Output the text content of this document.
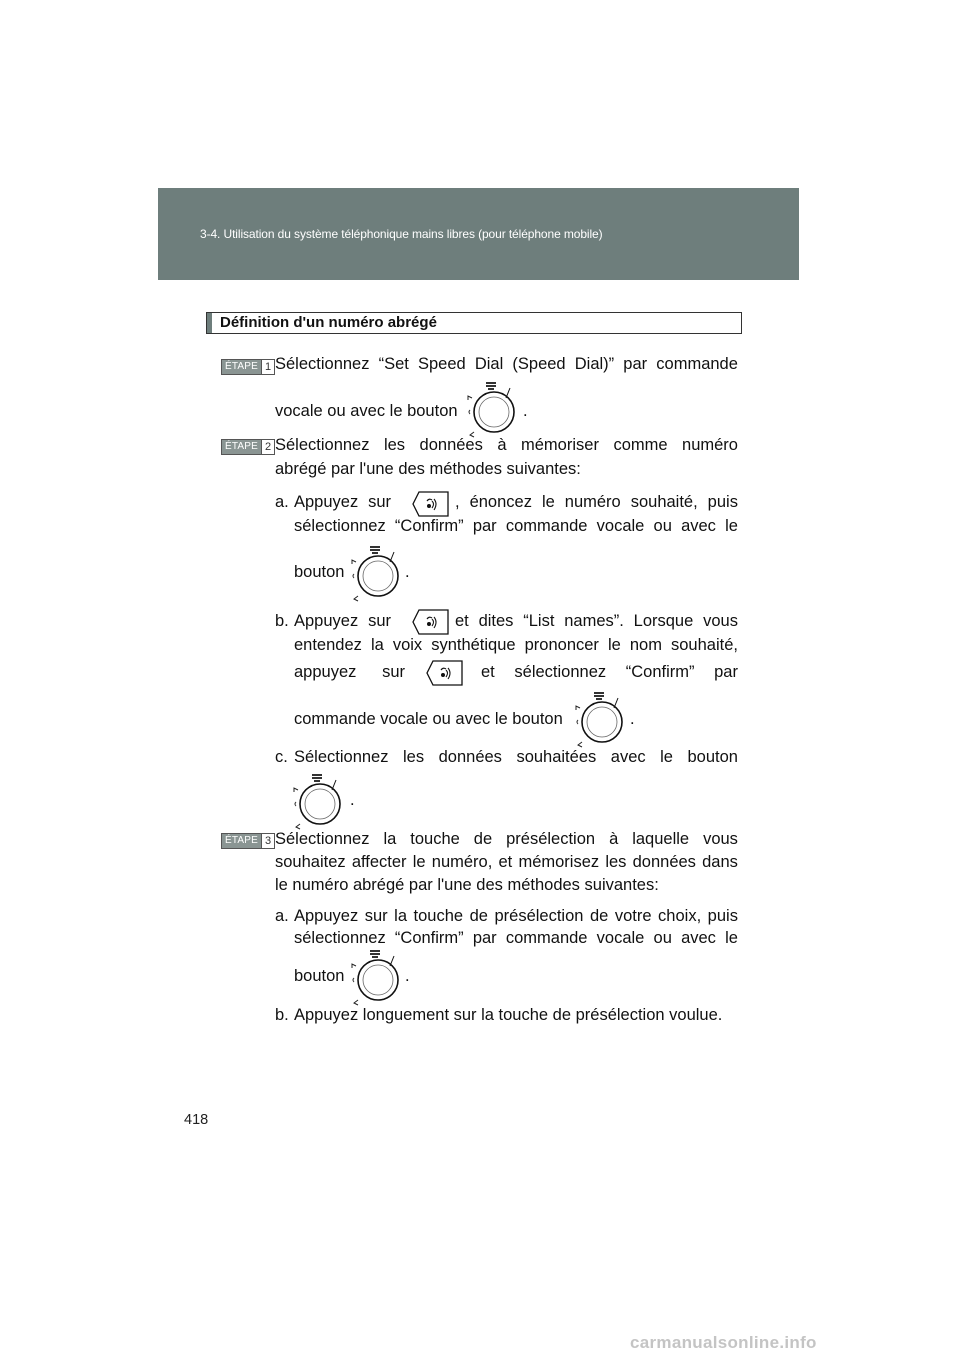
3-4. Utilisation du système téléphonique mains libres (pour téléphone mobile)
Définition d'un numéro abrégé
ÉTAPE 1 Sélectionnez “Set Speed Dial (Speed Dial)” par commande
vocale ou avec le bouton	.
ÉTAPE 2 Sélectionnez les données à mémoriser comme numéro
abrégé par l'une des méthodes suivantes:
a. Appuyez sur	, énoncez le numéro souhaité, puis
sélectionnez “Confirm” par commande vocale ou avec le
bouton	.
b. Appuyez sur	et dites “List names”. Lorsque vous
entendez la voix synthétique prononcer le nom souhaité,
appuyez sur	et sélectionnez “Confirm” par
commande vocale ou avec le bouton	.
c. Sélectionnez les données souhaitées avec le bouton
.
ÉTAPE 3 Sélectionnez la touche de présélection à laquelle vous
souhaitez affecter le numéro, et mémorisez les données dans
le numéro abrégé par l'une des méthodes suivantes:
a. Appuyez sur la touche de présélection de votre choix, puis
sélectionnez “Confirm” par commande vocale ou avec le
bouton	.
b. Appuyez longuement sur la touche de présélection voulue.
418
carmanualsonline.info
